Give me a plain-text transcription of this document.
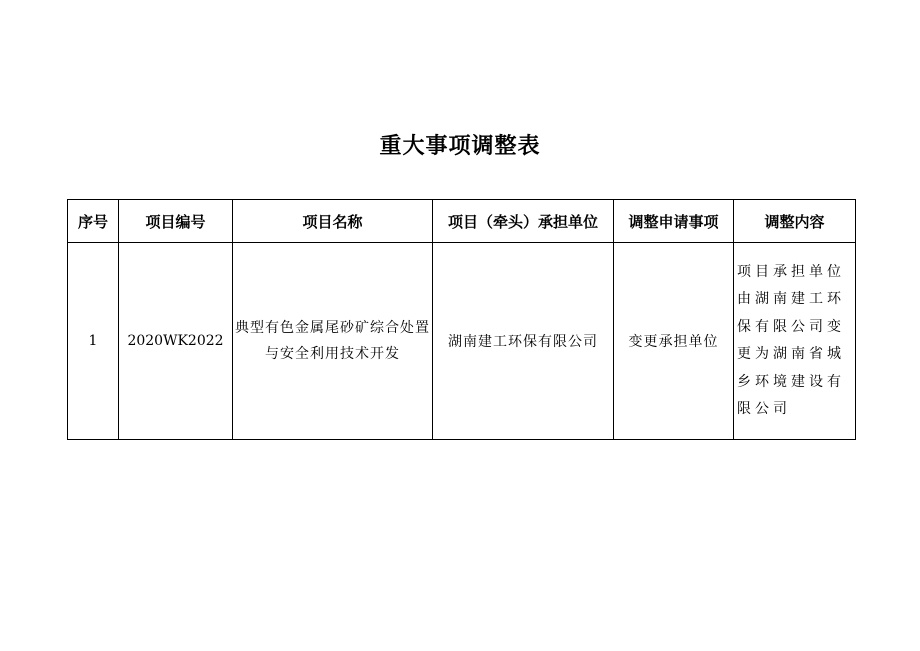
重大事项调整表
序号	项目编号	项目名称	项目（牵头）承担单位	调整申请事项	调整内容
1	2020WK2022	典型有色金属尾砂矿综合处置与安全利用技术开发	湖南建工环保有限公司	变更承担单位	项目承担单位由湖南建工环保有限公司变更为湖南省城乡环境建设有限公司
